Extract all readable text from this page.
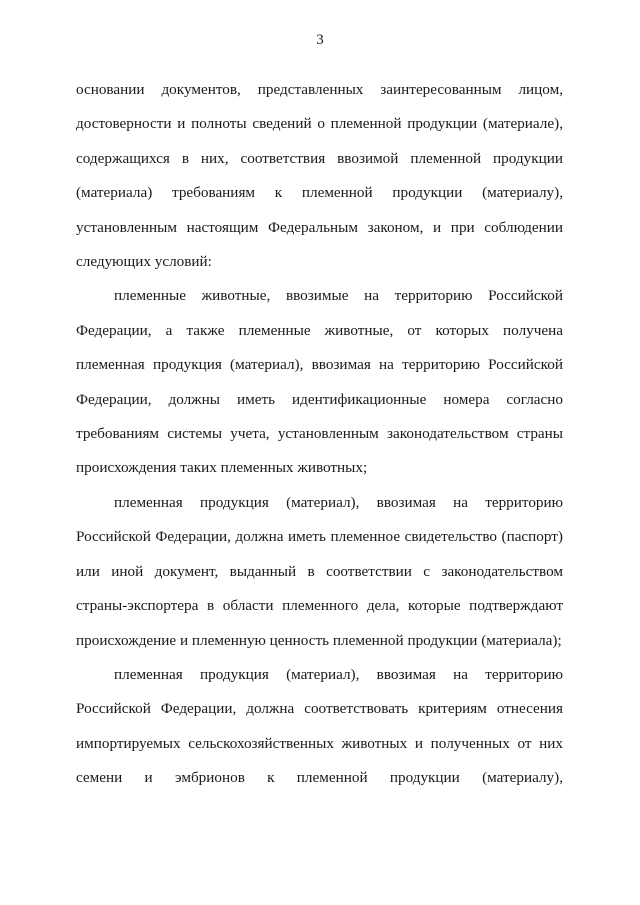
3

основании документов, представленных заинтересованным лицом, достоверности и полноты сведений о племенной продукции (материале), содержащихся в них, соответствия ввозимой племенной продукции (материала) требованиям к племенной продукции (материалу), установленным настоящим Федеральным законом, и при соблюдении следующих условий:

племенные животные, ввозимые на территорию Российской Федерации, а также племенные животные, от которых получена племенная продукция (материал), ввозимая на территорию Российской Федерации, должны иметь идентификационные номера согласно требованиям системы учета, установленным законодательством страны происхождения таких племенных животных;

племенная продукция (материал), ввозимая на территорию Российской Федерации, должна иметь племенное свидетельство (паспорт) или иной документ, выданный в соответствии с законодательством страны-экспортера в области племенного дела, которые подтверждают происхождение и племенную ценность племенной продукции (материала);

племенная продукция (материал), ввозимая на территорию Российской Федерации, должна соответствовать критериям отнесения импортируемых сельскохозяйственных животных и полученных от них семени и эмбрионов к племенной продукции (материалу),
